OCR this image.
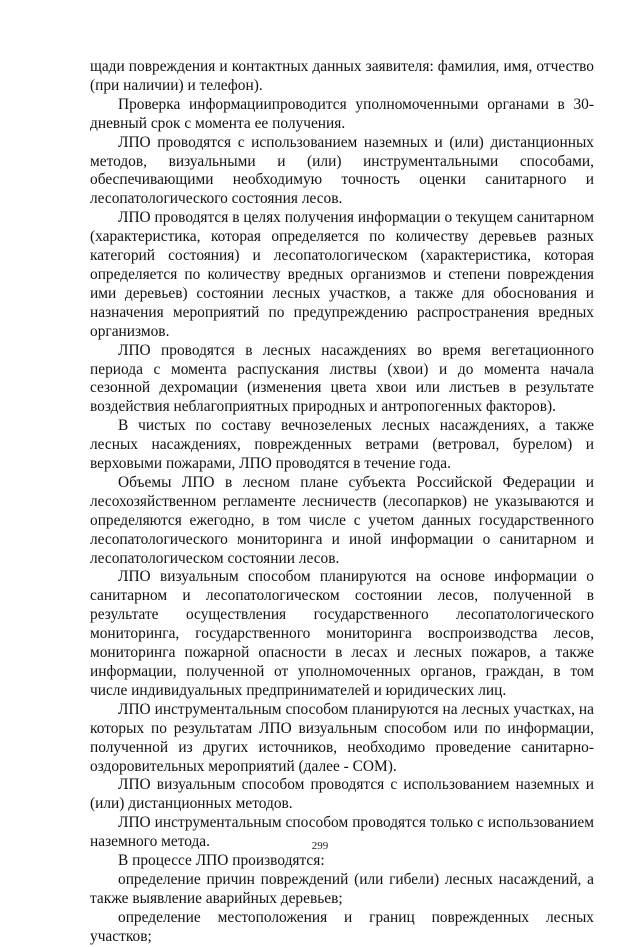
щади повреждения и контактных данных заявителя: фамилия, имя, отчество (при наличии) и телефон).

Проверка информациипроводится уполномоченными органами в 30-дневный срок с момента ее получения.

ЛПО проводятся с использованием наземных и (или) дистанционных методов, визуальными и (или) инструментальными способами, обеспечивающими необходимую точность оценки санитарного и лесопатологического состояния лесов.

ЛПО проводятся в целях получения информации о текущем санитарном (характеристика, которая определяется по количеству деревьев разных категорий состояния) и лесопатологическом (характеристика, которая определяется по количеству вредных организмов и степени повреждения ими деревьев) состоянии лесных участков, а также для обоснования и назначения мероприятий по предупреждению распространения вредных организмов.

ЛПО проводятся в лесных насаждениях во время вегетационного периода с момента распускания листвы (хвои) и до момента начала сезонной дехромации (изменения цвета хвои или листьев в результате воздействия неблагоприятных природных и антропогенных факторов).

В чистых по составу вечнозеленых лесных насаждениях, а также лесных насаждениях, поврежденных ветрами (ветровал, бурелом) и верховыми пожарами, ЛПО проводятся в течение года.

Объемы ЛПО в лесном плане субъекта Российской Федерации и лесохозяйственном регламенте лесничеств (лесопарков) не указываются и определяются ежегодно, в том числе с учетом данных государственного лесопатологического мониторинга и иной информации о санитарном и лесопатологическом состоянии лесов.

ЛПО визуальным способом планируются на основе информации о санитарном и лесопатологическом состоянии лесов, полученной в результате осуществления государственного лесопатологического мониторинга, государственного мониторинга воспроизводства лесов, мониторинга пожарной опасности в лесах и лесных пожаров, а также информации, полученной от уполномоченных органов, граждан, в том числе индивидуальных предпринимателей и юридических лиц.

ЛПО инструментальным способом планируются на лесных участках, на которых по результатам ЛПО визуальным способом или по информации, полученной из других источников, необходимо проведение санитарно-оздоровительных мероприятий (далее - СОМ).

ЛПО визуальным способом проводятся с использованием наземных и (или) дистанционных методов.

ЛПО инструментальным способом проводятся только с использованием наземного метода.

В процессе ЛПО производятся:

определение причин повреждений (или гибели) лесных насаждений, а также выявление аварийных деревьев;

определение местоположения и границ поврежденных лесных участков;

299
